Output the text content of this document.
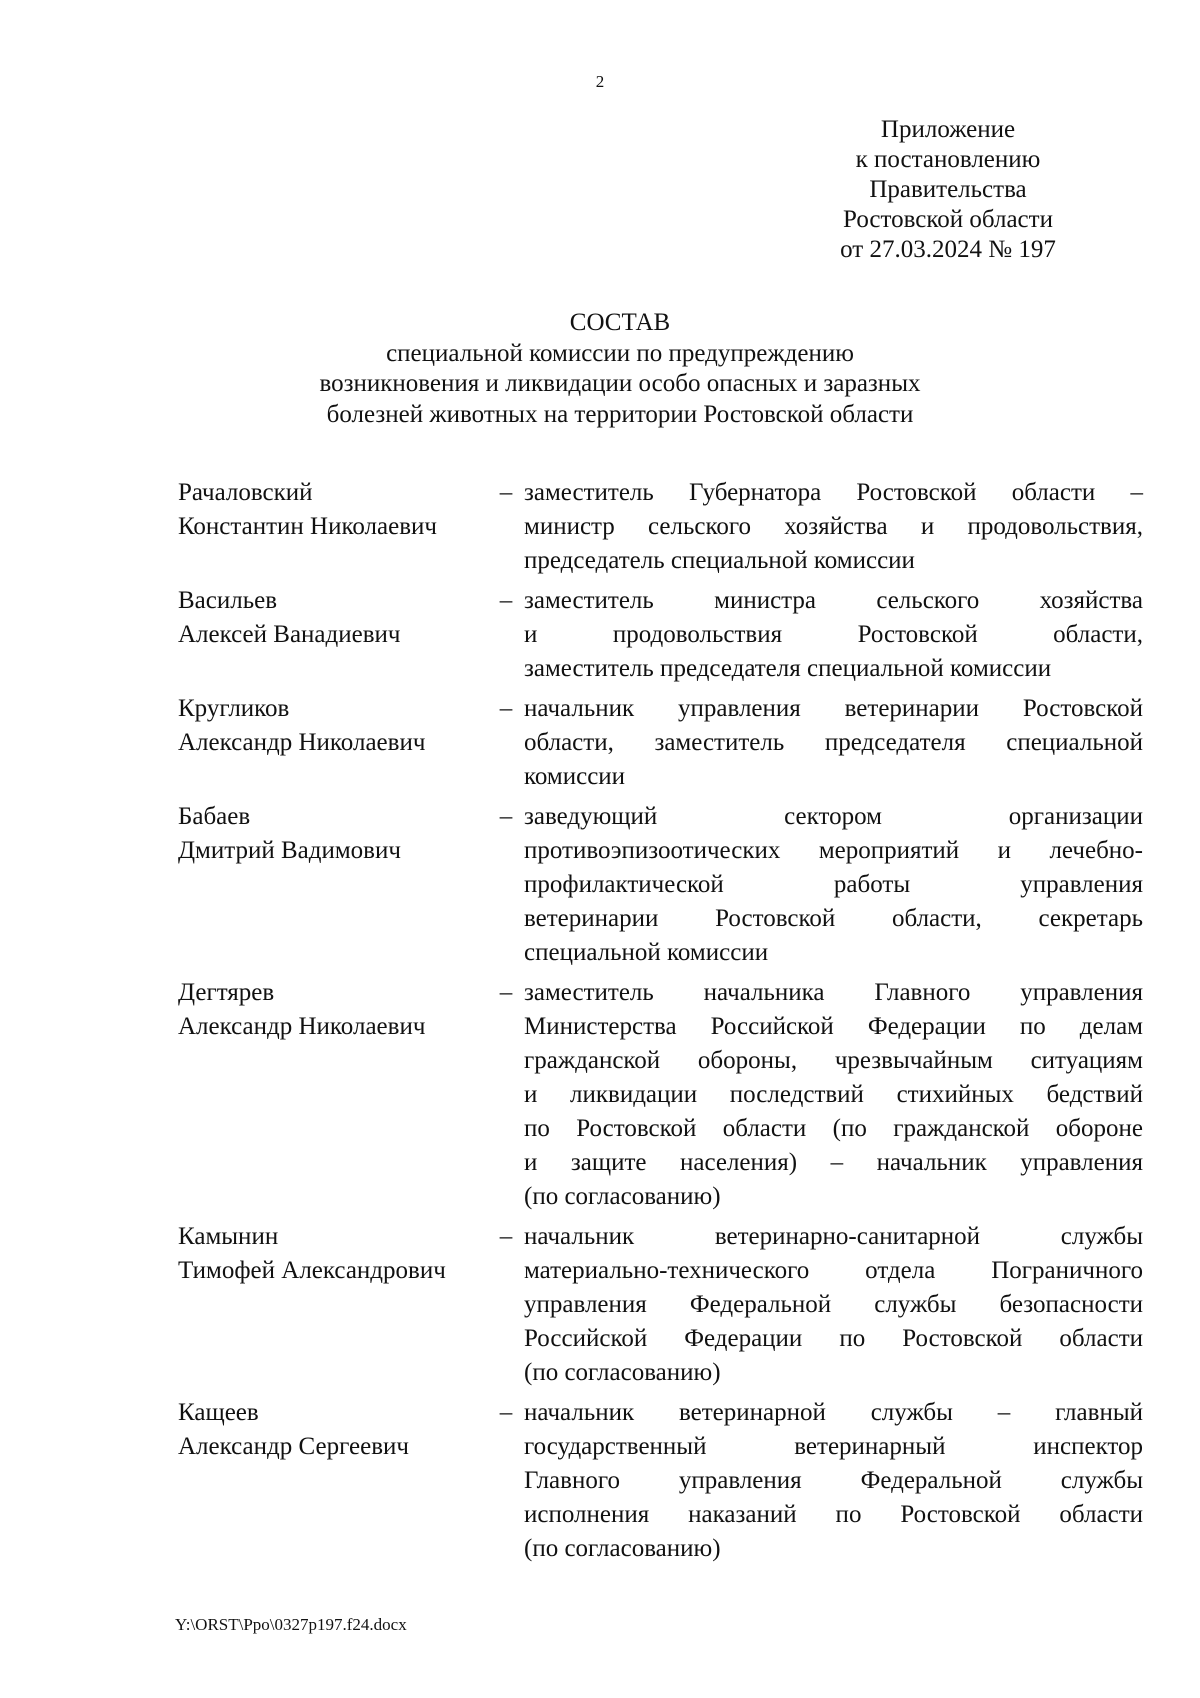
2
Приложение
к постановлению
Правительства
Ростовской области
от 27.03.2024 № 197
СОСТАВ
специальной комиссии по предупреждению
возникновения и ликвидации особо опасных и заразных
болезней животных на территории Ростовской области
Рачаловский
Константин Николаевич
– заместитель Губернатора Ростовской области –
министр сельского хозяйства и продовольствия,
председатель специальной комиссии
Васильев
Алексей Ванадиевич
– заместитель министра сельского хозяйства
и продовольствия Ростовской области,
заместитель председателя специальной комиссии
Кругликов
Александр Николаевич
– начальник управления ветеринарии Ростовской
области, заместитель председателя специальной
комиссии
Бабаев
Дмитрий Вадимович
– заведующий сектором организации
противоэпизоотических мероприятий и лечебно-
профилактической работы управления
ветеринарии Ростовской области, секретарь
специальной комиссии
Дегтярев
Александр Николаевич
– заместитель начальника Главного управления
Министерства Российской Федерации по делам
гражданской обороны, чрезвычайным ситуациям
и ликвидации последствий стихийных бедствий
по Ростовской области (по гражданской обороне
и защите населения) – начальник управления
(по согласованию)
Камынин
Тимофей Александрович
– начальник ветеринарно-санитарной службы
материально-технического отдела Пограничного
управления Федеральной службы безопасности
Российской Федерации по Ростовской области
(по согласованию)
Кащеев
Александр Сергеевич
– начальник ветеринарной службы – главный
государственный ветеринарный инспектор
Главного управления Федеральной службы
исполнения наказаний по Ростовской области
(по согласованию)
Y:\ORST\Ppo\0327p197.f24.docx
